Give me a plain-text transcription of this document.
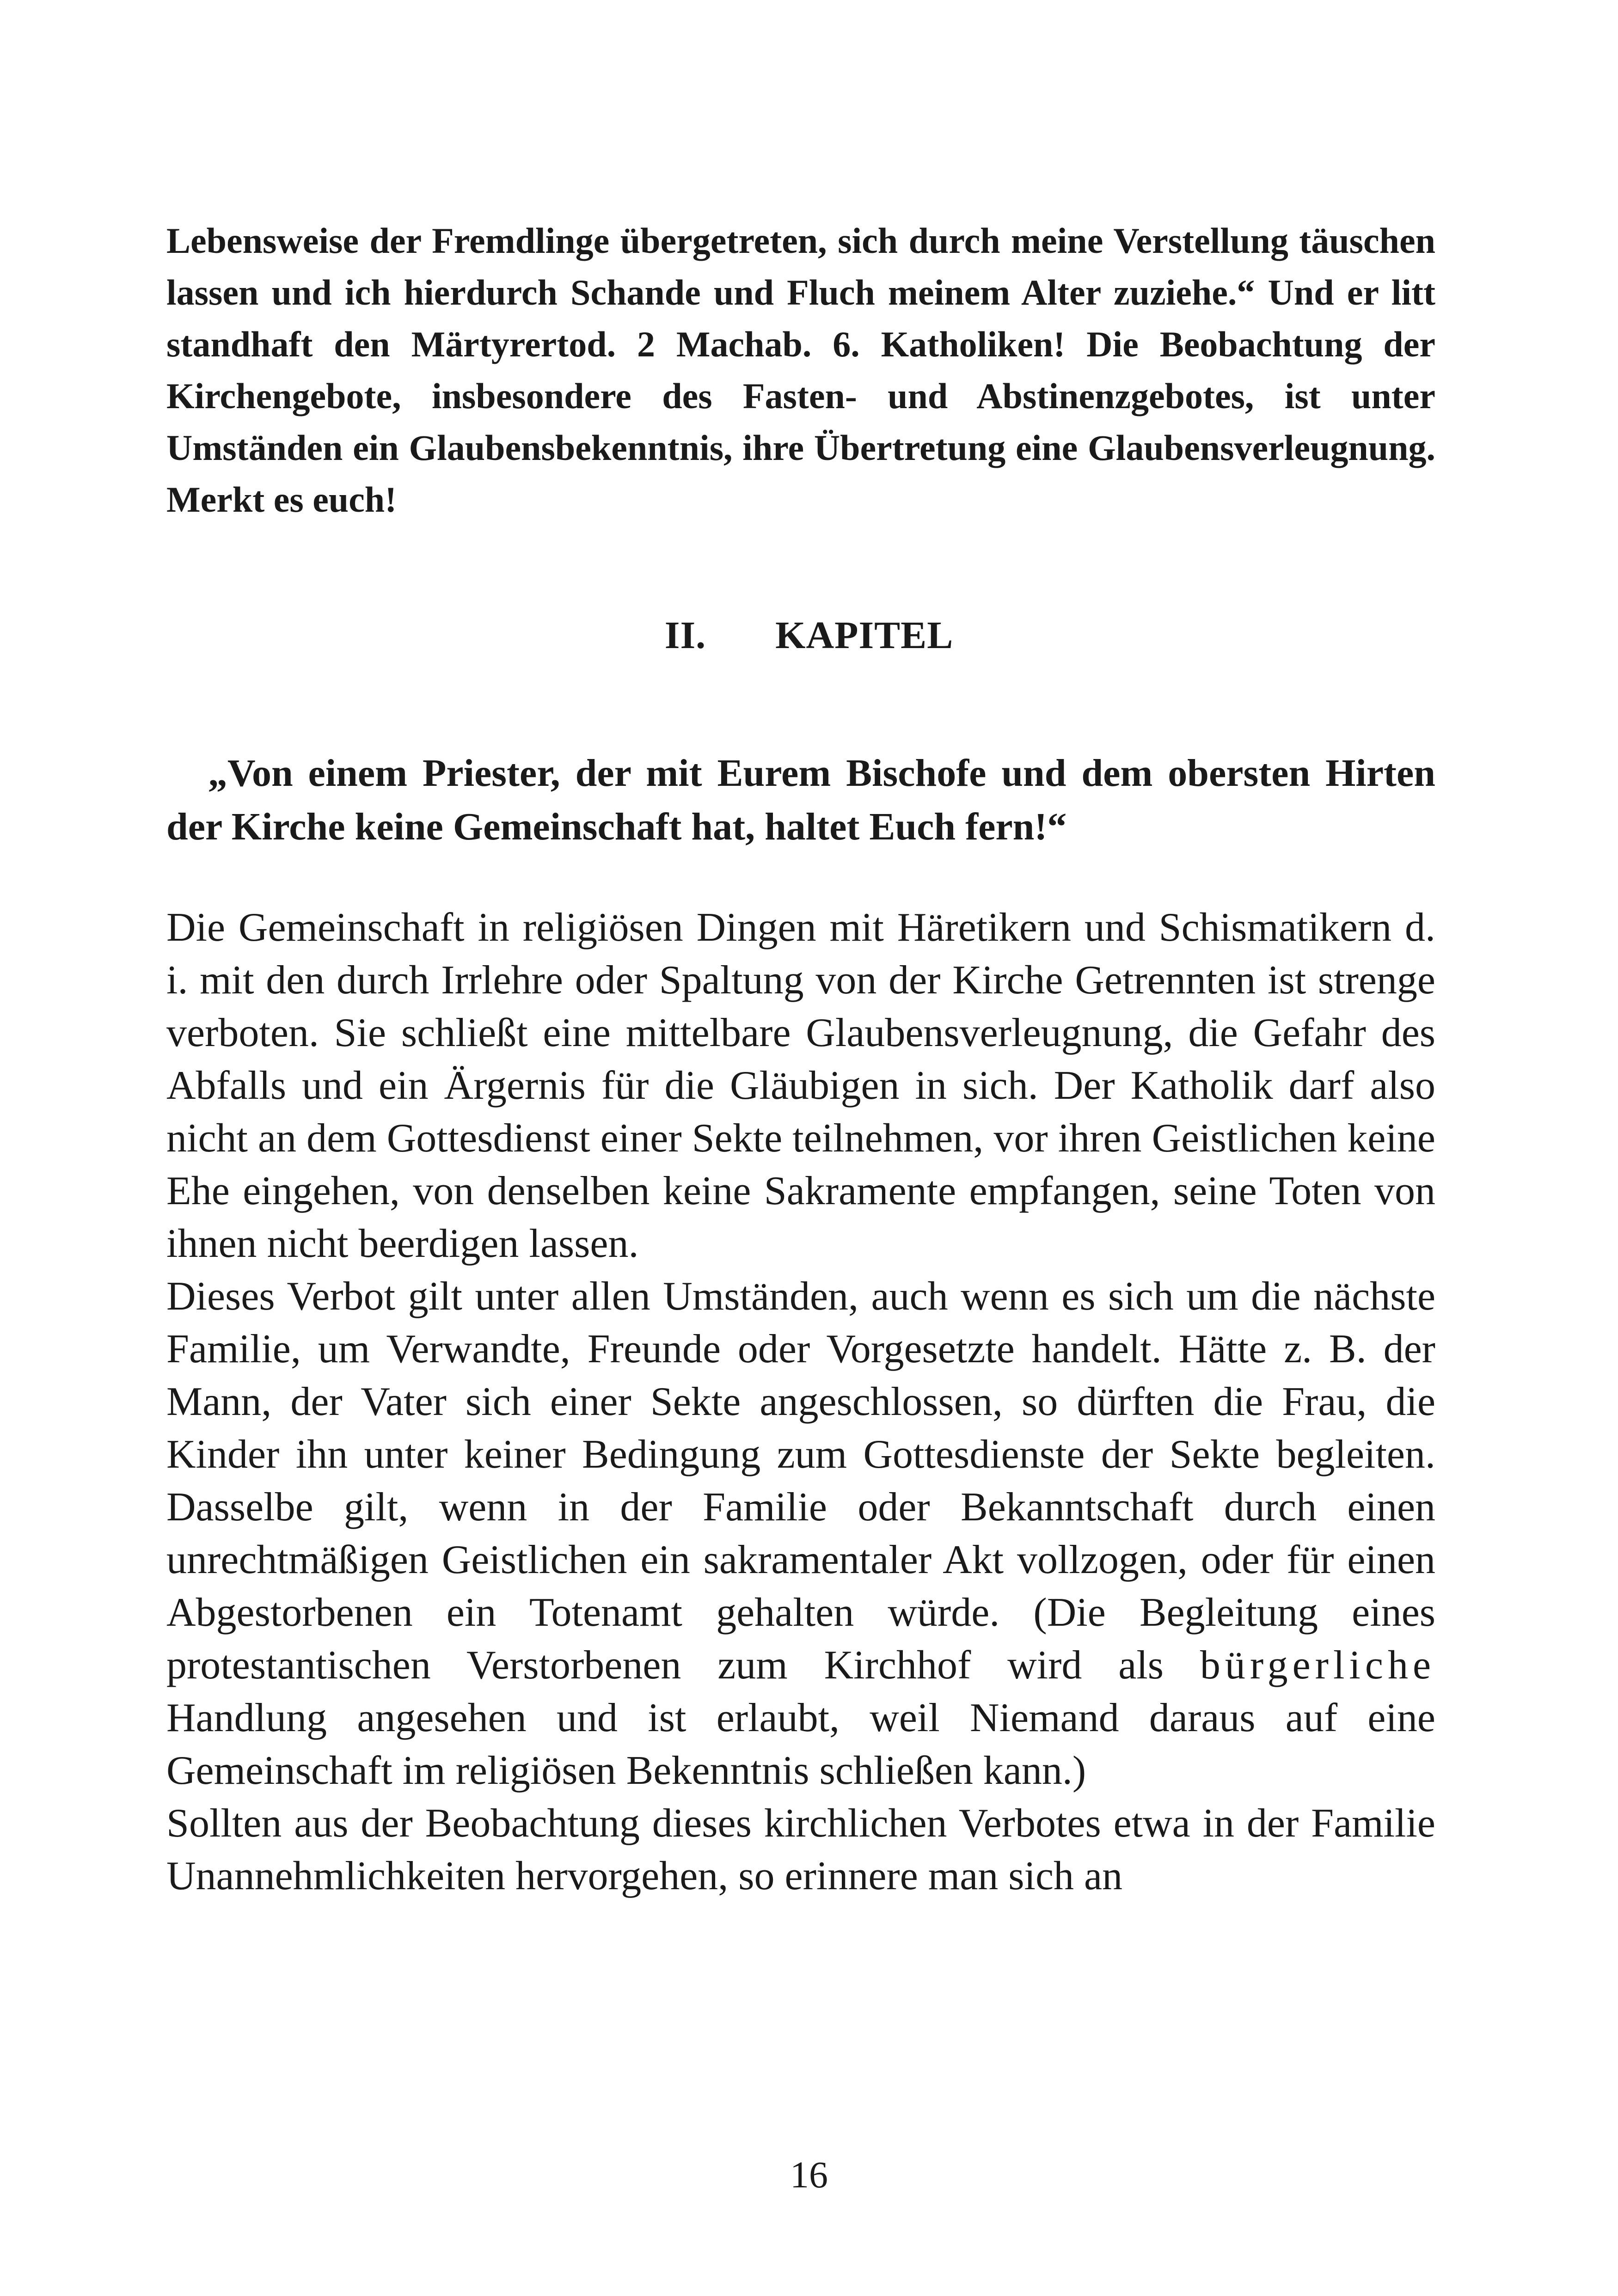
Lebensweise der Fremdlinge übergetreten, sich durch meine Verstellung täuschen lassen und ich hierdurch Schande und Fluch meinem Alter zuziehe.“ Und er litt standhaft den Märtyrertod. 2 Machab. 6. Katholiken! Die Beobachtung der Kirchengebote, insbesondere des Fasten- und Abstinenzgebotes, ist unter Umständen ein Glaubensbekenntnis, ihre Übertretung eine Glaubensverleugnung. Merkt es euch!

II. KAPITEL

„Von einem Priester, der mit Eurem Bischofe und dem obersten Hirten der Kirche keine Gemeinschaft hat, haltet Euch fern!“

Die Gemeinschaft in religiösen Dingen mit Häretikern und Schismatikern d. i. mit den durch Irrlehre oder Spaltung von der Kirche Getrennten ist strenge verboten. Sie schließt eine mittelbare Glaubensverleugnung, die Gefahr des Abfalls und ein Ärgernis für die Gläubigen in sich. Der Katholik darf also nicht an dem Gottesdienst einer Sekte teilnehmen, vor ihren Geistlichen keine Ehe eingehen, von denselben keine Sakramente empfangen, seine Toten von ihnen nicht beerdigen lassen.

Dieses Verbot gilt unter allen Umständen, auch wenn es sich um die nächste Familie, um Verwandte, Freunde oder Vorgesetzte handelt. Hätte z. B. der Mann, der Vater sich einer Sekte angeschlossen, so dürften die Frau, die Kinder ihn unter keiner Bedingung zum Gottesdienste der Sekte begleiten. Dasselbe gilt, wenn in der Familie oder Bekanntschaft durch einen unrechtmäßigen Geistlichen ein sakramentaler Akt vollzogen, oder für einen Abgestorbenen ein Totenamt gehalten würde. (Die Begleitung eines protestantischen Verstorbenen zum Kirchhof wird als bürgerliche Handlung angesehen und ist erlaubt, weil Niemand daraus auf eine Gemeinschaft im religiösen Bekenntnis schließen kann.)

Sollten aus der Beobachtung dieses kirchlichen Verbotes etwa in der Familie Unannehmlichkeiten hervorgehen, so erinnere man sich an

16
